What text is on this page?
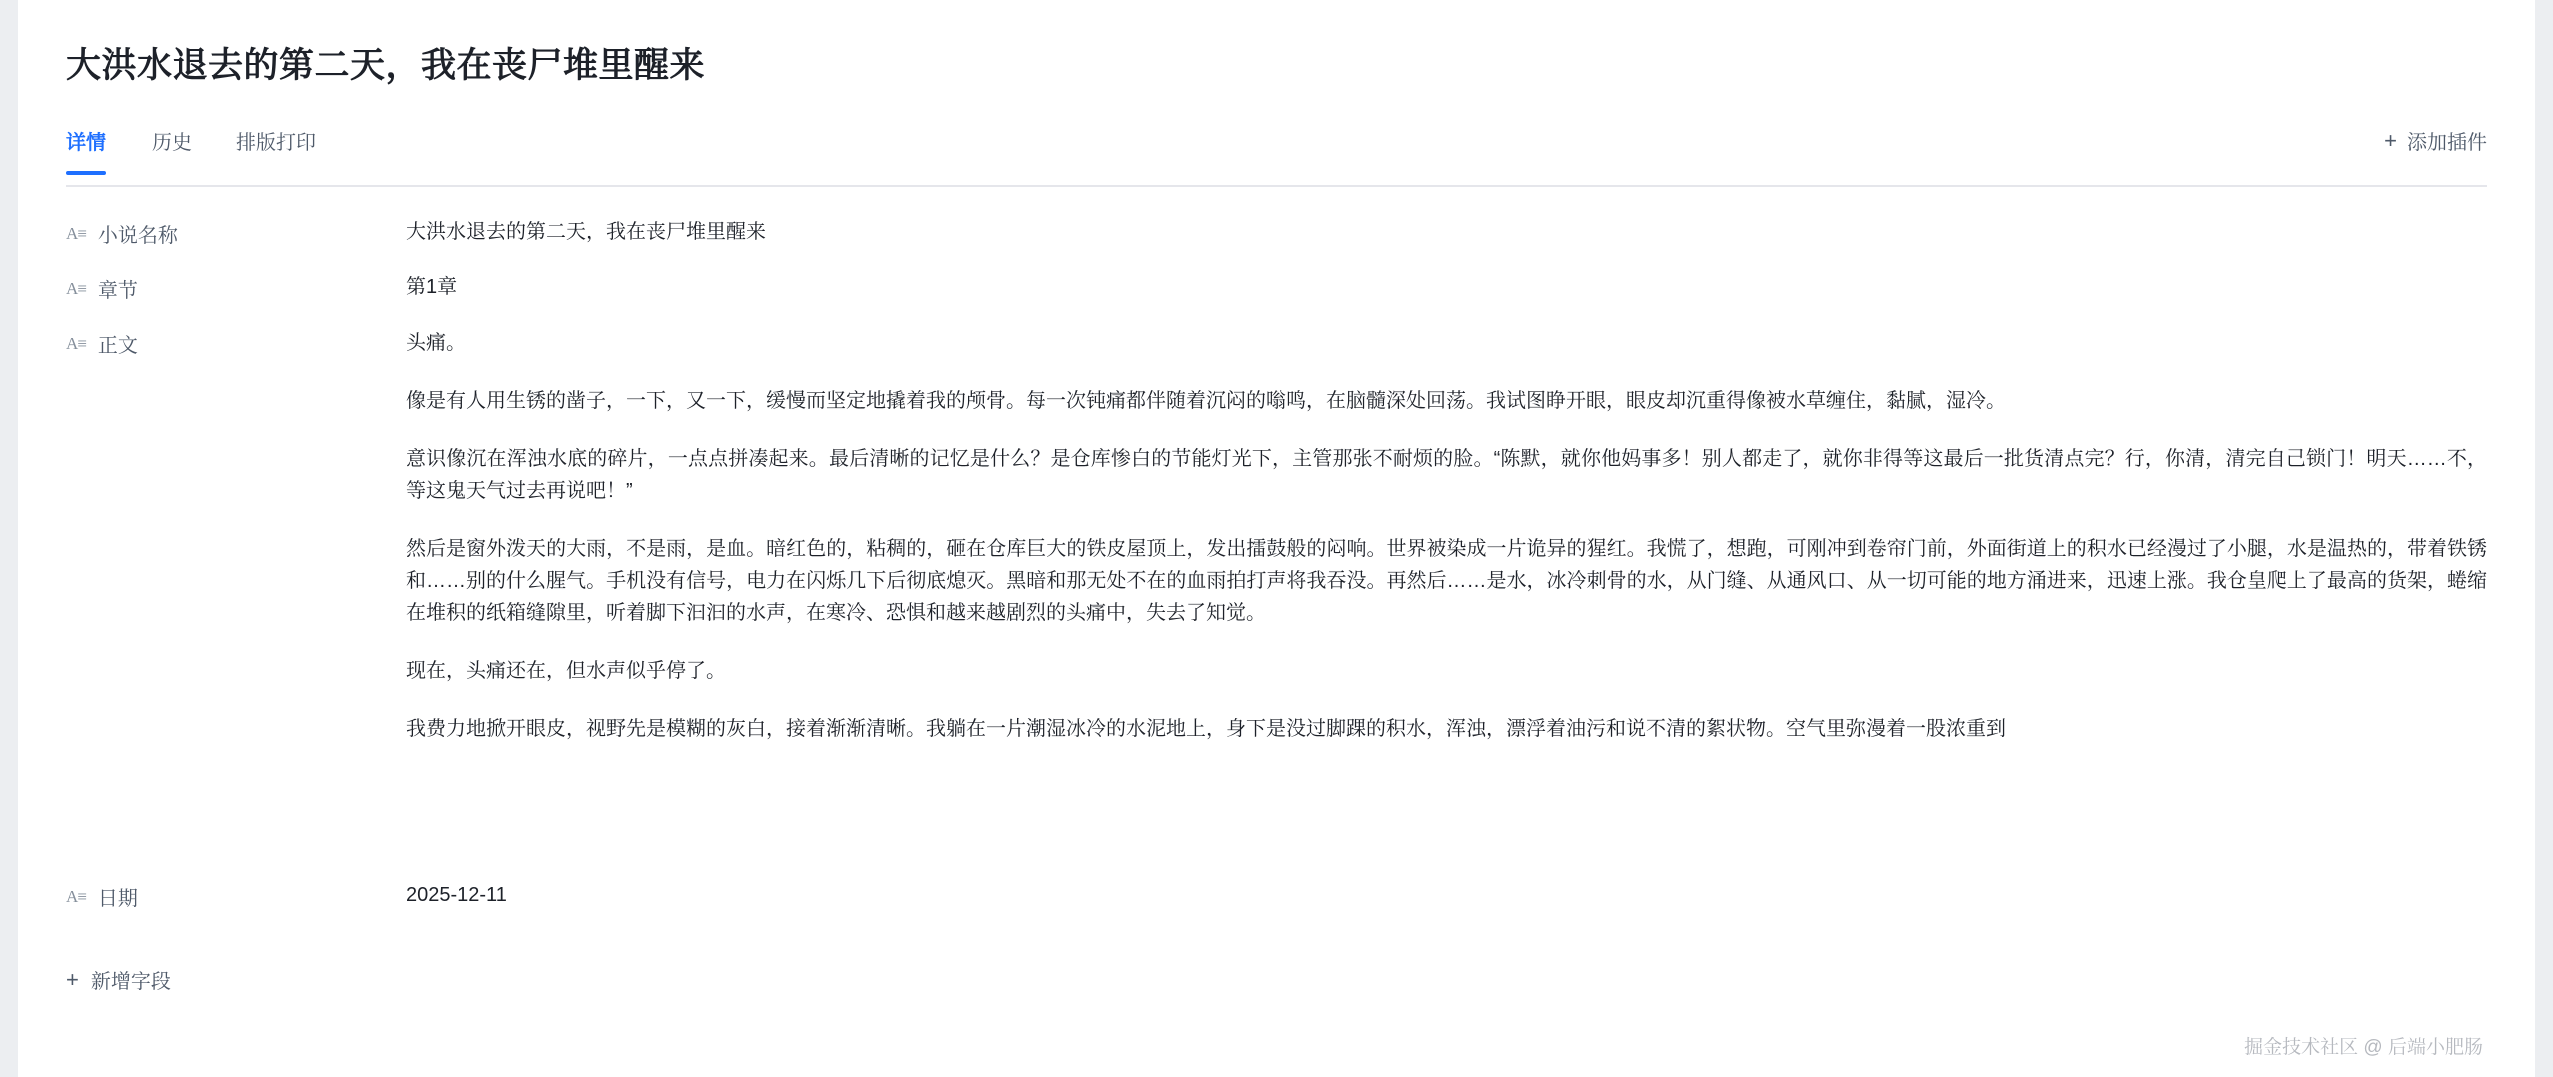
大洪水退去的第二天，我在丧尸堆里醒来
详情	历史	排版打印	+ 添加插件
A≡ 小说名称	大洪水退去的第二天，我在丧尸堆里醒来
A≡ 章节	第1章
A≡ 正文	头痛。

像是有人用生锈的凿子，一下，又一下，缓慢而坚定地撬着我的颅骨。每一次钝痛都伴随着沉闷的嗡鸣，在脑髓深处回荡。我试图睁开眼，眼皮却沉重得像被水草缠住，黏腻，湿冷。

意识像沉在浑浊水底的碎片，一点点拼凑起来。最后清晰的记忆是什么？是仓库惨白的节能灯光下，主管那张不耐烦的脸。“陈默，就你他妈事多！别人都走了，就你非得等这最后一批货清点完？行，你清，清完自己锁门！明天……不，等这鬼天气过去再说吧！”

然后是窗外泼天的大雨，不是雨，是血。暗红色的，粘稠的，砸在仓库巨大的铁皮屋顶上，发出擂鼓般的闷响。世界被染成一片诡异的猩红。我慌了，想跑，可刚冲到卷帘门前，外面街道上的积水已经漫过了小腿，水是温热的，带着铁锈和……别的什么腥气。手机没有信号，电力在闪烁几下后彻底熄灭。黑暗和那无处不在的血雨拍打声将我吞没。再然后……是水，冰冷刺骨的水，从门缝、从通风口、从一切可能的地方涌进来，迅速上涨。我仓皇爬上了最高的货架，蜷缩在堆积的纸箱缝隙里，听着脚下汩汩的水声，在寒冷、恐惧和越来越剧烈的头痛中，失去了知觉。

现在，头痛还在，但水声似乎停了。

我费力地掀开眼皮，视野先是模糊的灰白，接着渐渐清晰。我躺在一片潮湿冰冷的水泥地上，身下是没过脚踝的积水，浑浊，漂浮着油污和说不清的絮状物。空气里弥漫着一股浓重到

A≡ 日期	2025-12-11
+ 新增字段
掘金技术社区 @ 后端小肥肠
